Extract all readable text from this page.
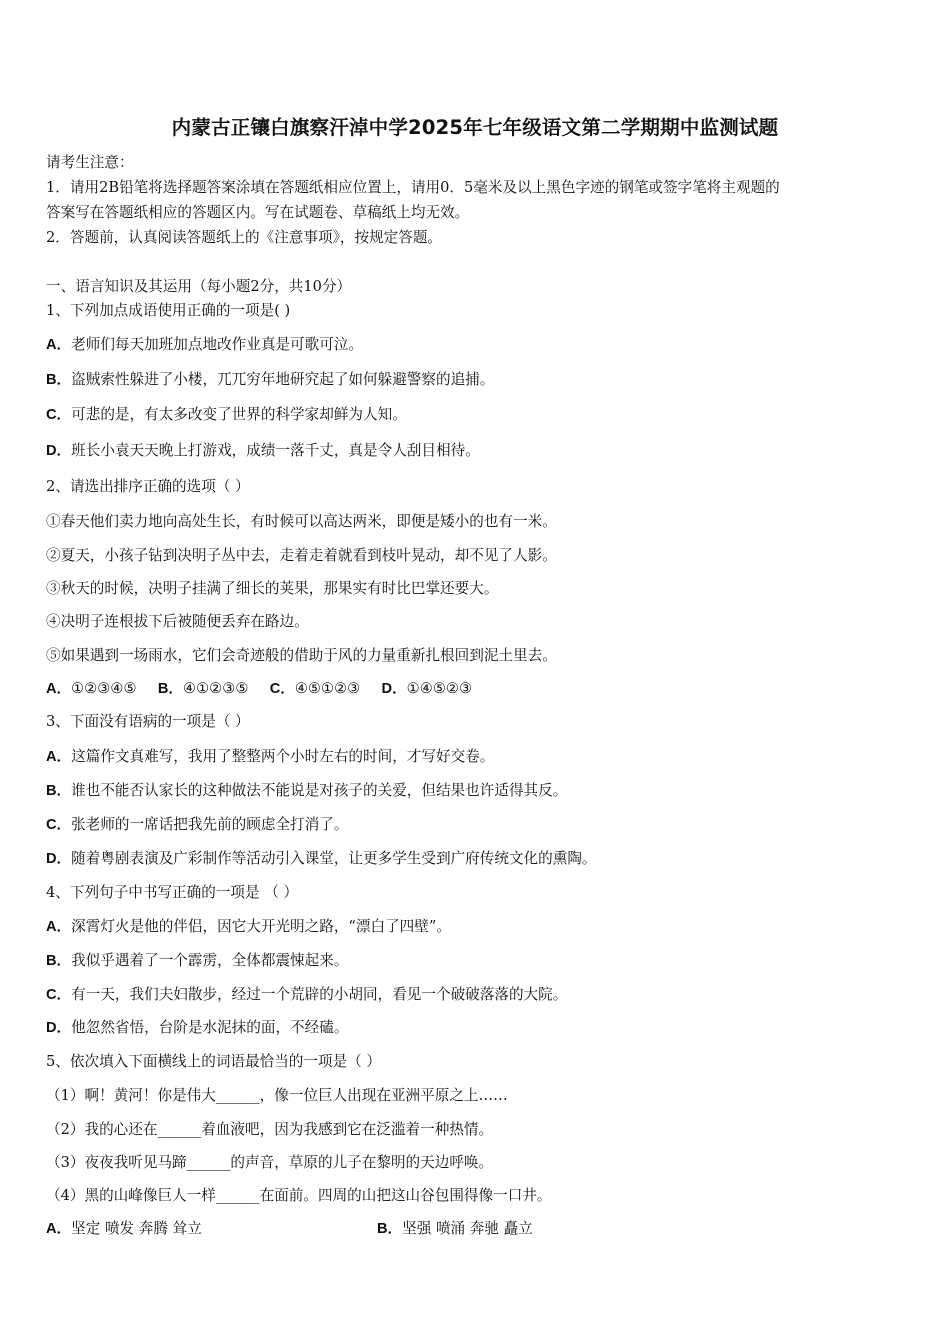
内蒙古正镶白旗察汗淖中学2025年七年级语文第二学期期中监测试题
请考生注意：
1．请用2B铅笔将选择题答案涂填在答题纸相应位置上，请用0．5毫米及以上黑色字迹的钢笔或签字笔将主观题的
答案写在答题纸相应的答题区内。写在试题卷、草稿纸上均无效。
2．答题前，认真阅读答题纸上的《注意事项》，按规定答题。
一、语言知识及其运用（每小题2分，共10分）
1、下列加点成语使用正确的一项是( )
A．老师们每天加班加点地改作业真是可歌可泣。
B．盗贼索性躲进了小楼，兀兀穷年地研究起了如何躲避警察的追捕。
C．可悲的是，有太多改变了世界的科学家却鲜为人知。
D．班长小袁天天晚上打游戏，成绩一落千丈，真是令人刮目相待。
2、请选出排序正确的选项（ ）
①春天他们卖力地向高处生长，有时候可以高达两米，即便是矮小的也有一米。
②夏天，小孩子钻到决明子丛中去，走着走着就看到枝叶晃动，却不见了人影。
③秋天的时候，决明子挂满了细长的荚果，那果实有时比巴掌还要大。
④决明子连根拔下后被随便丢弃在路边。
⑤如果遇到一场雨水，它们会奇迹般的借助于风的力量重新扎根回到泥土里去。
A．①②③④⑤ B．④①②③⑤ C．④⑤①②③ D．①④⑤②③
3、下面没有语病的一项是（ ）
A．这篇作文真难写，我用了整整两个小时左右的时间，才写好交卷。
B．谁也不能否认家长的这种做法不能说是对孩子的关爱，但结果也许适得其反。
C．张老师的一席话把我先前的顾虑全打消了。
D．随着粤剧表演及广彩制作等活动引入课堂，让更多学生受到广府传统文化的熏陶。
4、下列句子中书写正确的一项是 （ ）
A．深霄灯火是他的伴侣，因它大开光明之路，“漂白了四壁”。
B．我似乎遇着了一个霹雳，全体都震悚起来。
C．有一天，我们夫妇散步，经过一个荒辟的小胡同，看见一个破破落落的大院。
D．他忽然省悟，台阶是水泥抹的面，不经磕。
5、依次填入下面横线上的词语最恰当的一项是（ ）
（1）啊！黄河！你是伟大______，像一位巨人出现在亚洲平原之上……
（2）我的心还在______着血液吧，因为我感到它在泛滥着一种热情。
（3）夜夜我听见马蹄______的声音，草原的儿子在黎明的天边呼唤。
（4）黑的山峰像巨人一样______在面前。四周的山把这山谷包围得像一口井。
A．坚定 喷发 奔腾 耸立	B．坚强 喷涌 奔驰 矗立
